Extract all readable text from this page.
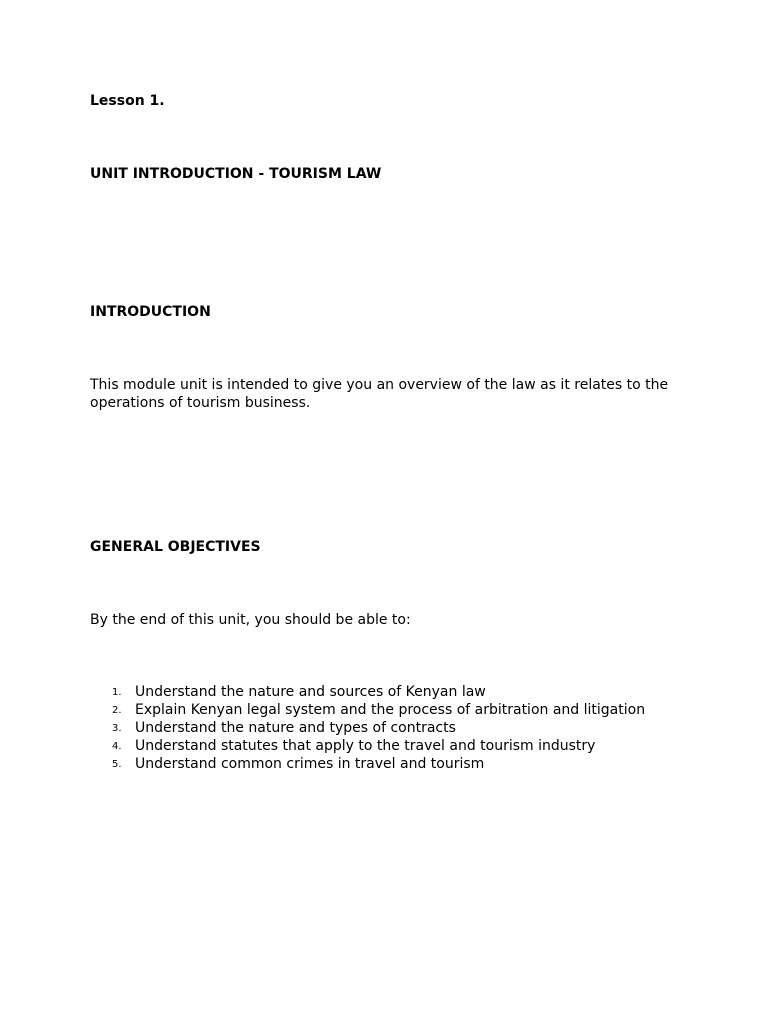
Lesson 1.

UNIT INTRODUCTION - TOURISM LAW

INTRODUCTION

This module unit is intended to give you an overview of the law as it relates to the operations of tourism business.

GENERAL OBJECTIVES

By the end of this unit, you should be able to:

1. Understand the nature and sources of Kenyan law
2. Explain Kenyan legal system and the process of arbitration and litigation
3. Understand the nature and types of contracts
4. Understand statutes that apply to the travel and tourism industry
5. Understand common crimes in travel and tourism
